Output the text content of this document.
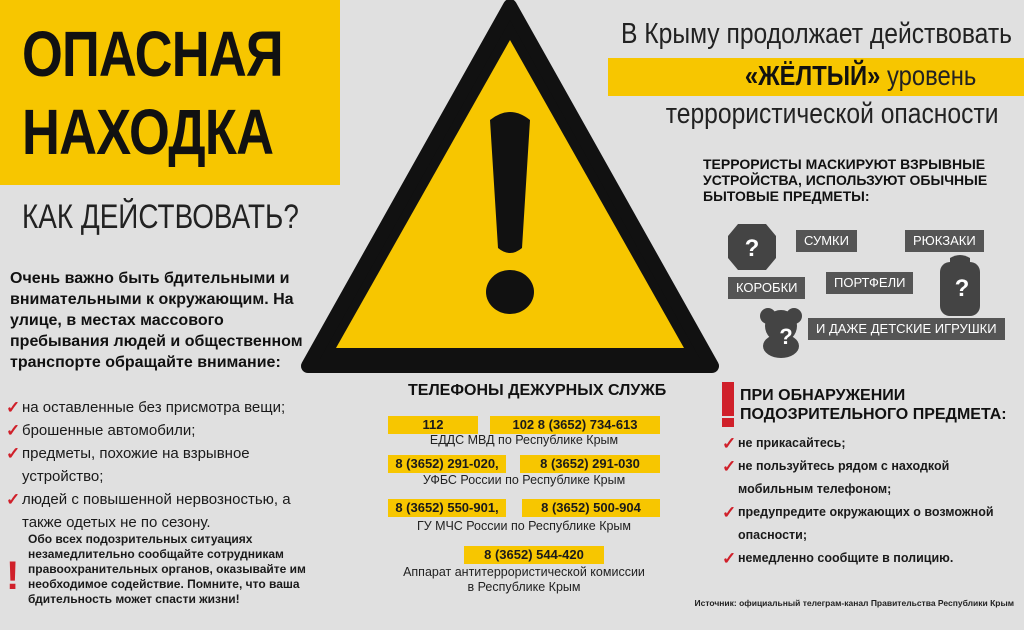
ОПАСНАЯ
НАХОДКА
КАК ДЕЙСТВОВАТЬ?
В Крыму продолжает действовать
«ЖЁЛТЫЙ» уровень
террористической опасности
Очень важно быть бдительными и внимательными к окружающим. На улице, в местах массового пребывания людей и общественном транспорте обращайте внимание:
✓ на оставленные без присмотра вещи;
✓ брошенные автомобили;
✓ предметы, похожие на взрывное устройство;
✓ людей с повышенной нервозностью, а также одетых не по сезону.
!
Обо всех подозрительных ситуациях незамедлительно сообщайте сотрудникам правоохранительных органов, оказывайте им необходимое содействие. Помните, что ваша бдительность может спасти жизни!
ТЕЛЕФОНЫ ДЕЖУРНЫХ СЛУЖБ
112	102 8 (3652) 734-613
ЕДДС МВД по Республике Крым
8 (3652) 291-020,	8 (3652) 291-030
УФБС России по Республике Крым
8 (3652) 550-901,	8 (3652) 500-904
ГУ МЧС России по Республике Крым
8 (3652) 544-420
Аппарат антитеррористической комиссии
в Республике Крым
ТЕРРОРИСТЫ МАСКИРУЮТ ВЗРЫВНЫЕ УСТРОЙСТВА, ИСПОЛЬЗУЮТ ОБЫЧНЫЕ БЫТОВЫЕ ПРЕДМЕТЫ:
?	СУМКИ	РЮКЗАКИ
КОРОБКИ	ПОРТФЕЛИ	?
?	И ДАЖЕ ДЕТСКИЕ ИГРУШКИ
ПРИ ОБНАРУЖЕНИИ
ПОДОЗРИТЕЛЬНОГО ПРЕДМЕТА:
✓ не прикасайтесь;
✓ не пользуйтесь рядом с находкой мобильным телефоном;
✓ предупредите окружающих о возможной опасности;
✓ немедленно сообщите в полицию.
Источник: официальный телеграм-канал Правительства Республики Крым
